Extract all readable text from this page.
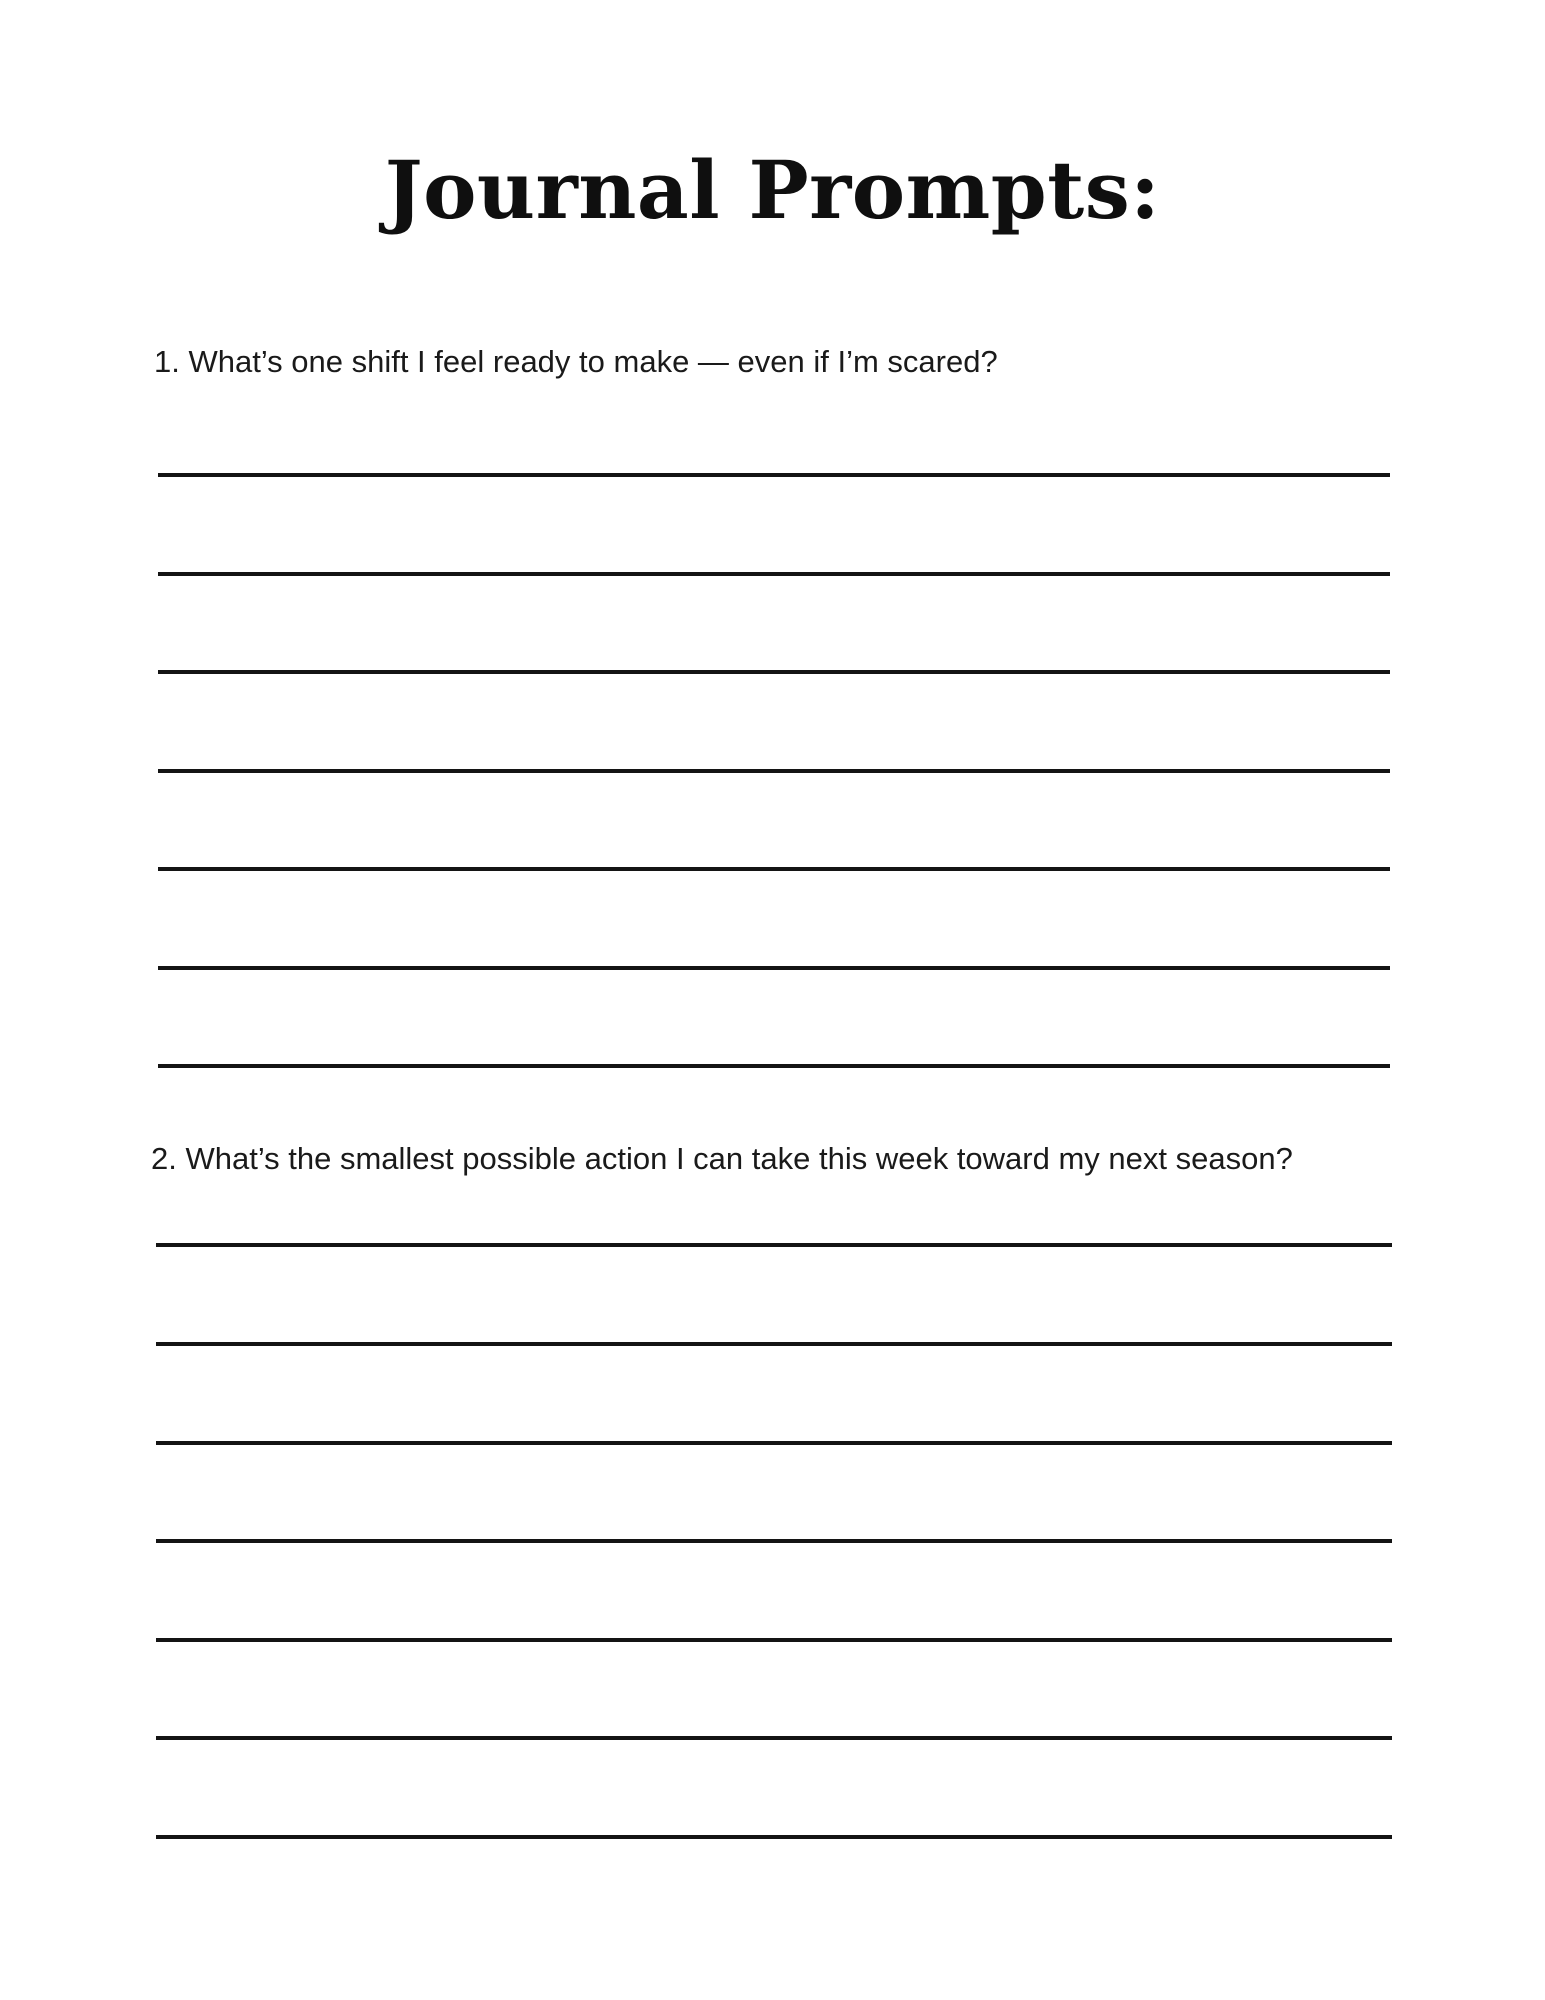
Journal Prompts:

1. What’s one shift I feel ready to make — even if I’m scared?

2. What’s the smallest possible action I can take this week toward my next season?
